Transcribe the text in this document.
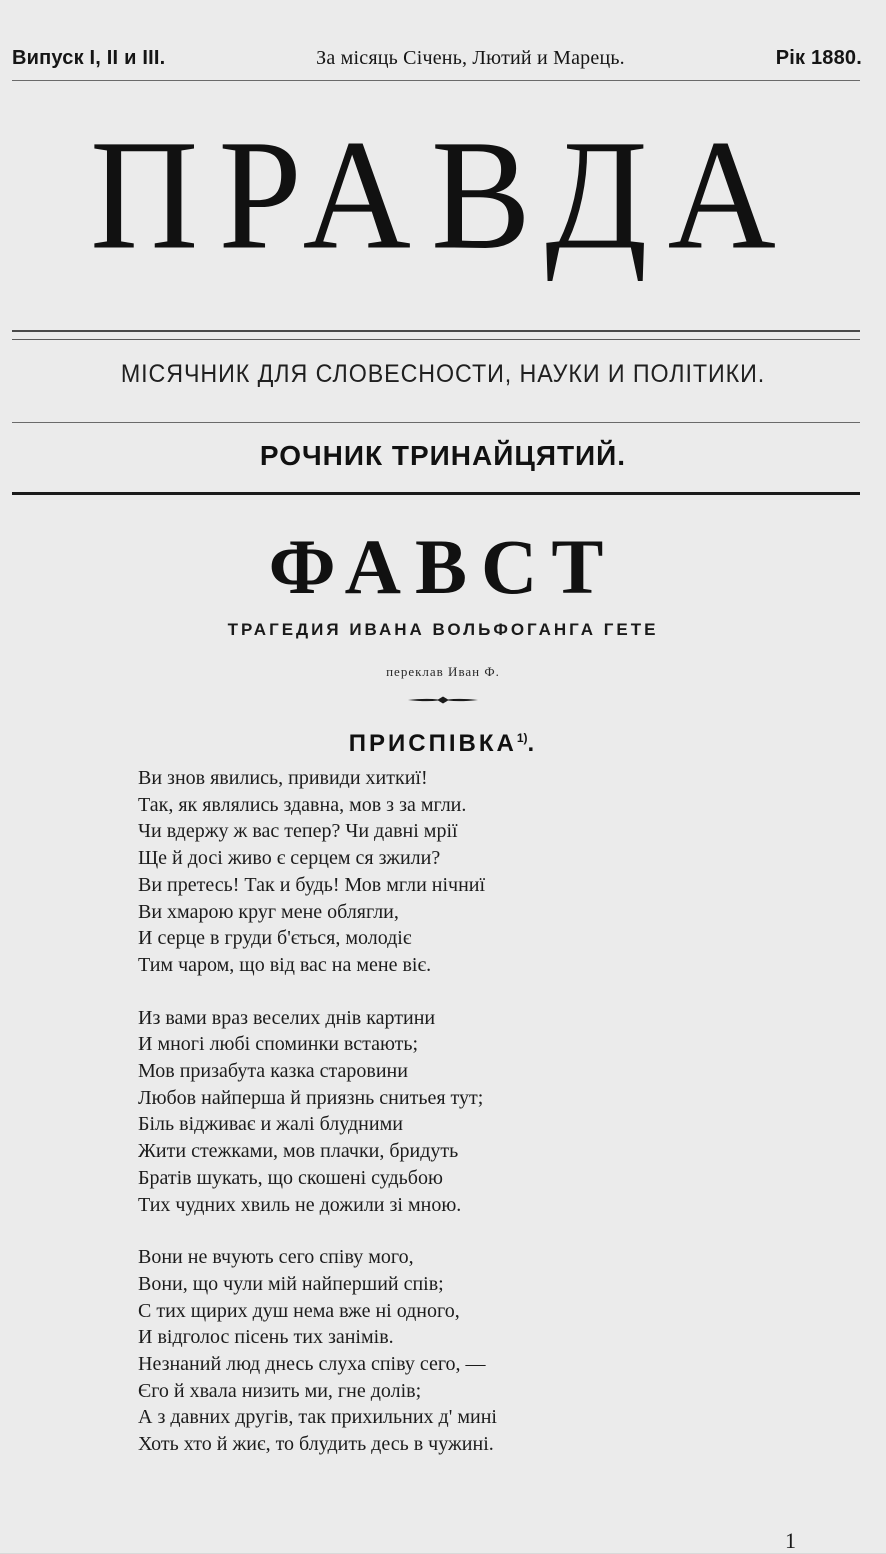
Випуск І, ІІ и ІІІ.	За місяць Січень, Лютий и Марець.	Рік 1880.
ПРАВДА
МІСЯЧНИК ДЛЯ СЛОВЕСНОСТИ, НАУКИ И ПОЛІТИКИ.
РОЧНИК ТРИНАЙЦЯТИЙ.
ФАВСТ
ТРАГЕДИЯ ИВАНА ВОЛЬФОГАНГА ГЕТЕ
переклав Иван Ф.
ПРИСПІВКА$^{1)}$.
Ви знов явились, привиди хиткиї!
Так, як являлись здавна, мов з за мгли.
Чи вдержу ж вас тепер? Чи давні мрії
Ще й досі живо є серцем ся зжили?
Ви претесь! Так и будь! Мов мгли нічниї
Ви хмарою круг мене облягли,
И серце в груди б'ється, молодіє
Тим чаром, що від вас на мене віє.
Из вами враз веселих днів картини
И многі любі споминки встають;
Мов призабута казка старовини
Любов найперша й приязнь снитьея тут;
Біль відживає и жалі блудними
Жити стежками, мов плачки, бридуть
Братів шукать, що скошені судьбою
Тих чудних хвиль не дожили зі мною.
Вони не вчують сего співу мого,
Вони, що чули мій найперший спів;
С тих щирих душ нема вже ні одного,
И відголос пісень тих занімів.
Незнаний люд днесь слуха співу сего, —
Єго й хвала низить ми, гне долів;
А з давних другів, так прихильних д' мині
Хоть хто й жиє, то блудить десь в чужині.
1
